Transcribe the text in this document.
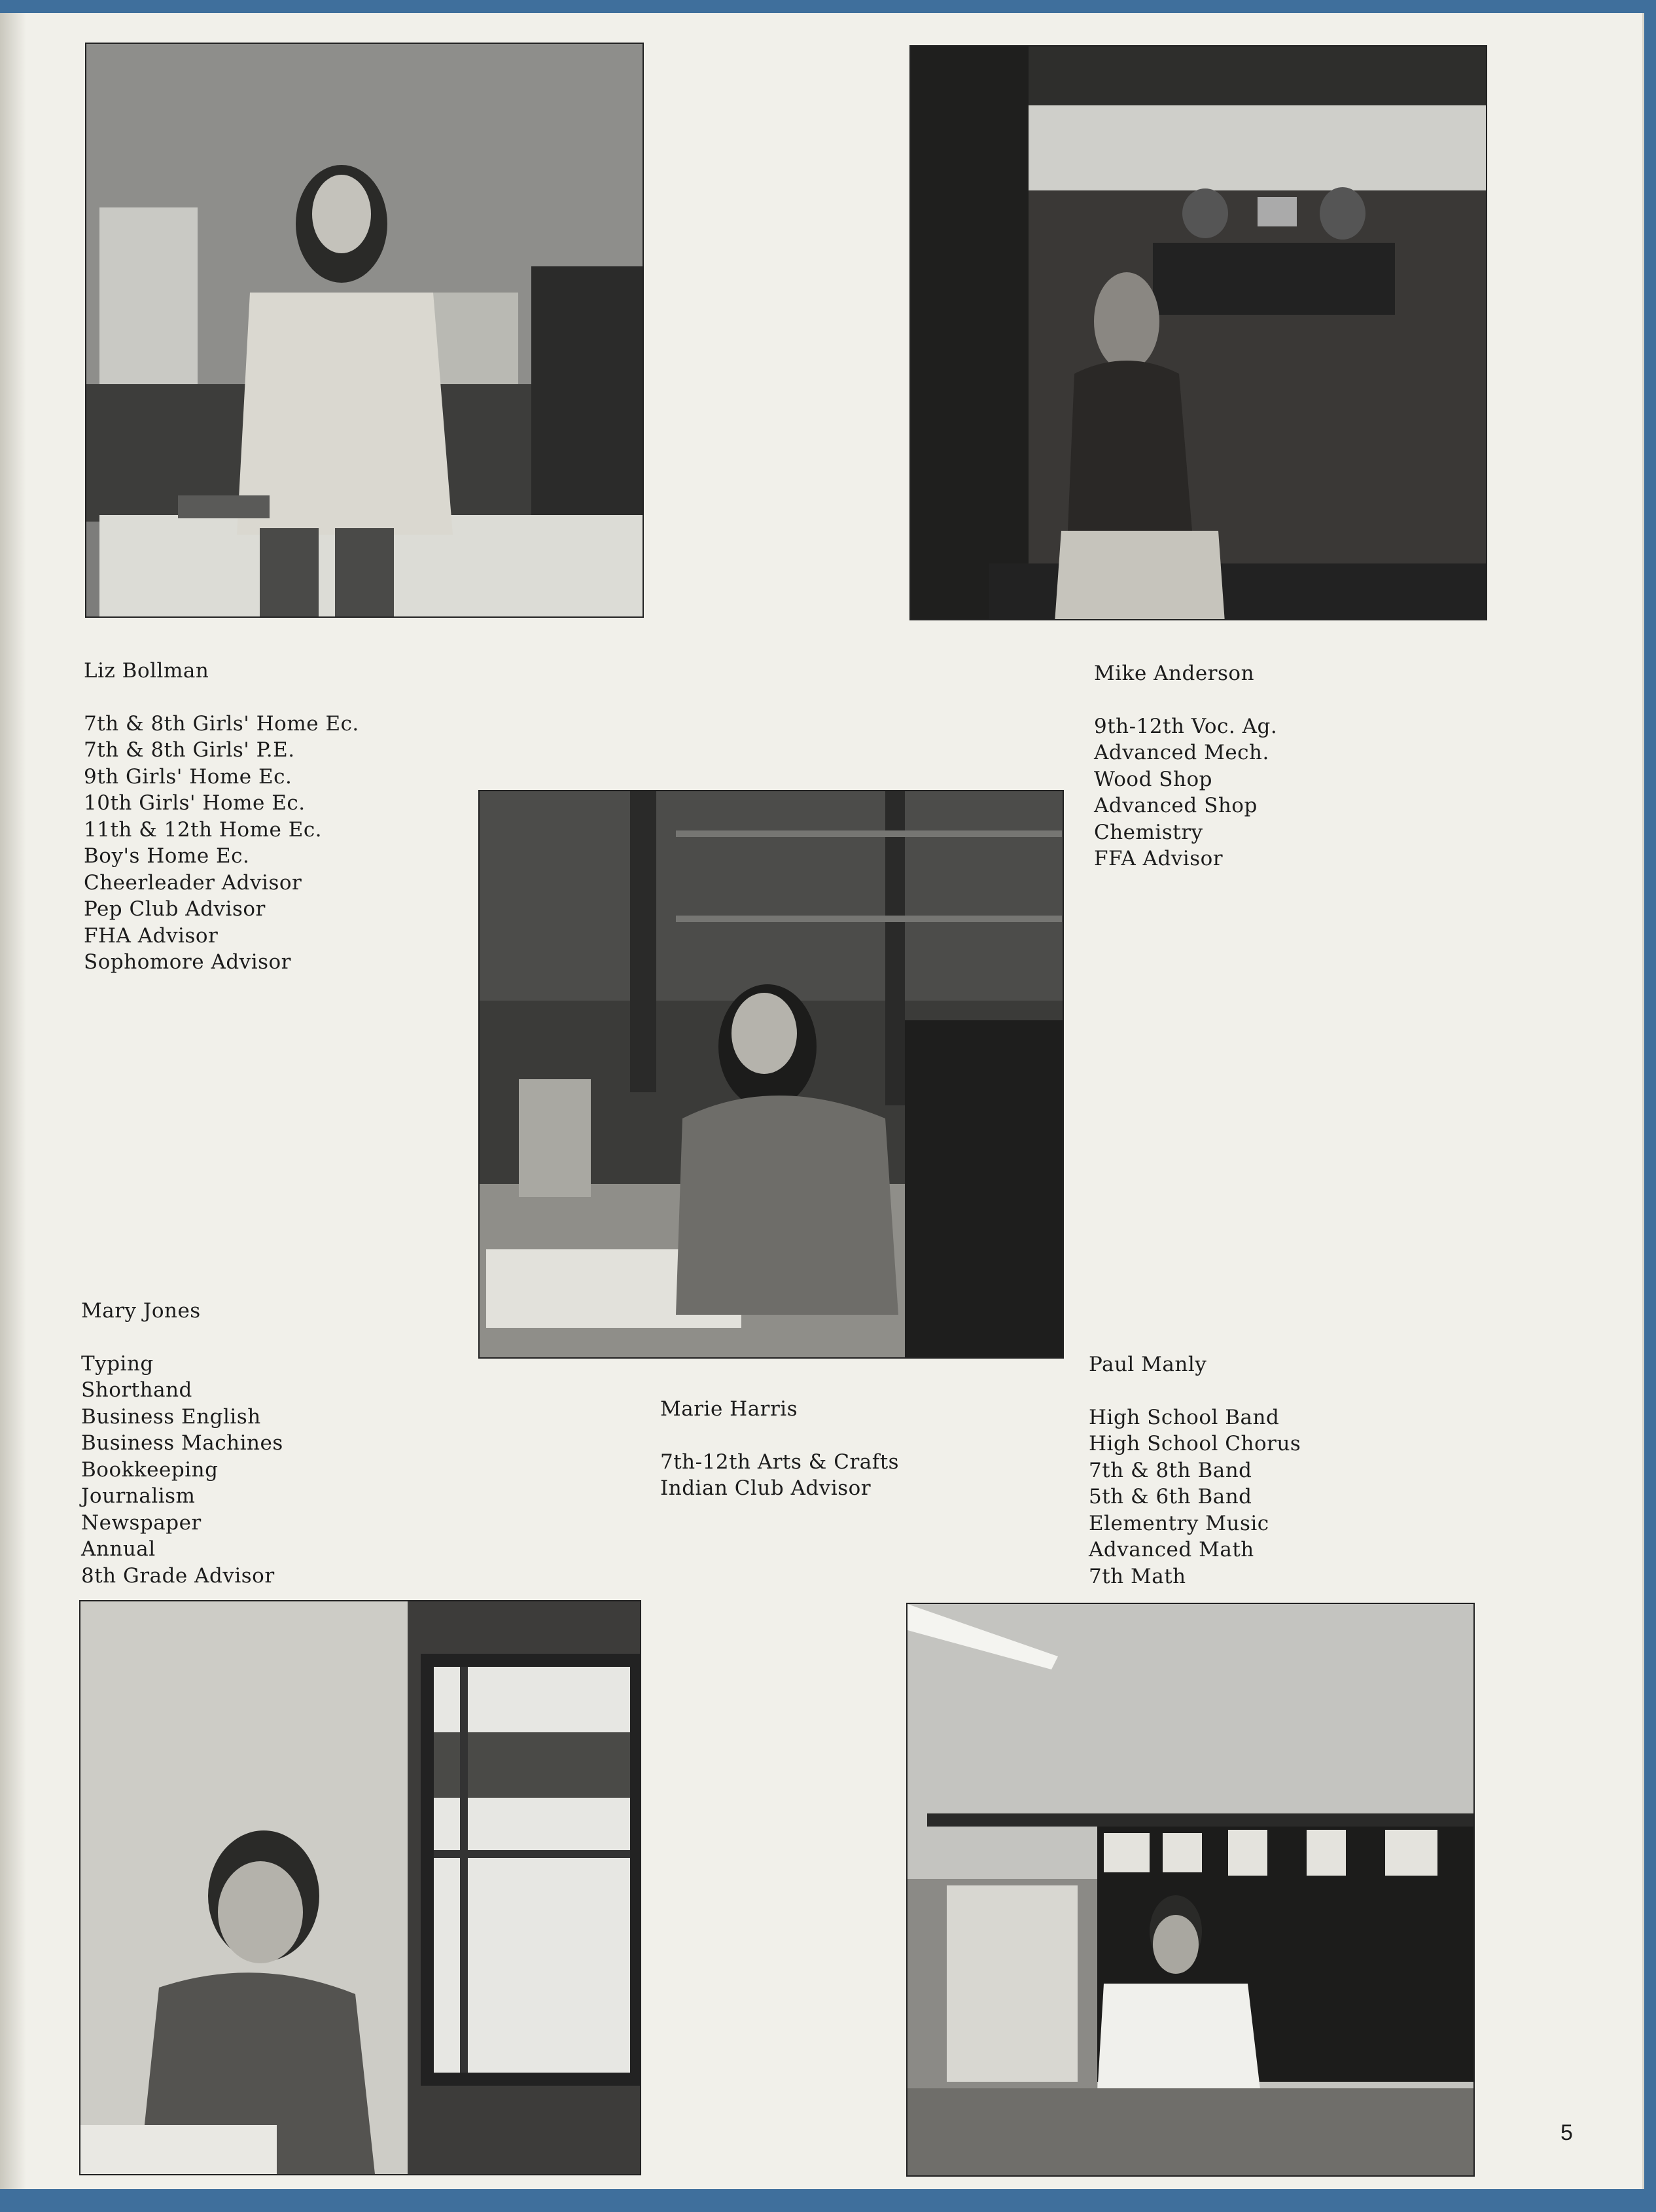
Liz Bollman
7th & 8th Girls' Home Ec.
7th & 8th Girls' P.E.
9th Girls' Home Ec.
10th Girls' Home Ec.
11th & 12th Home Ec.
Boy's Home Ec.
Cheerleader Advisor
Pep Club Advisor
FHA Advisor
Sophomore Advisor
Mike Anderson
9th-12th Voc. Ag.
Advanced Mech.
Wood Shop
Advanced Shop
Chemistry
FFA Advisor
Mary Jones
Typing
Shorthand
Business English
Business Machines
Bookkeeping
Journalism
Newspaper
Annual
8th Grade Advisor
Marie Harris
7th-12th Arts & Crafts
Indian Club Advisor
Paul Manly
High School Band
High School Chorus
7th & 8th Band
5th & 6th Band
Elementry Music
Advanced Math
7th Math
5
